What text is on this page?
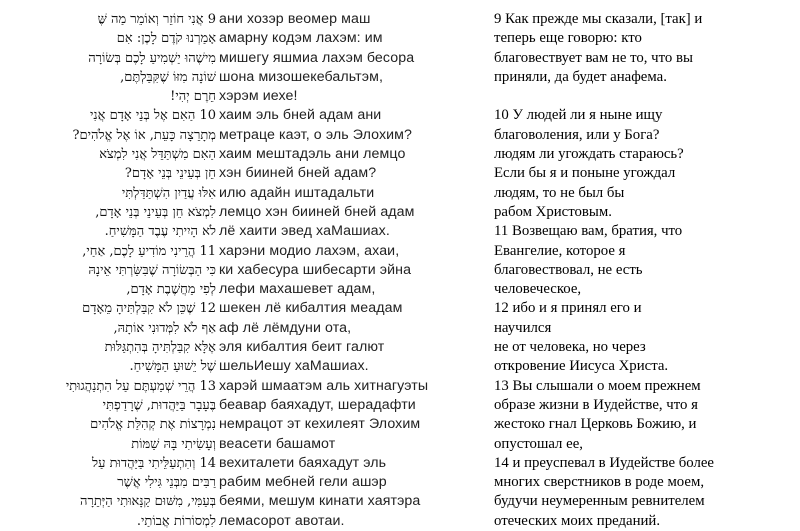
9 אֲנִי חוֹזֵר וְאוֹמֵר מַה שֶּׁ
אָמַרְנוּ קֹדֶם לָכֶן: אִם
מִישֶׁהוּ יַשְׁמִיעַ לָכֶם בְּשׂוֹרָה
שׁוֹנָה מִזּוֹ שֶׁקִּבַּלְתֶּם,
חֵרֶם יְהִי!
10 הַאִם אֶל בְּנֵי אָדָם אֲנִי
מְתָרֵצָה כָּעֵת, אוֹ אֶל אֱלֹהִים?
הַאִם מִשְׁתַּדֵּל אֲנִי לִמְצֹא
חֵן בְּעֵינֵי בְּנֵי אָדָם?
אִלּוּ עֲדַיִן הִשְׁתַּדַּלְתִּי
לִמְצֹא חֵן בְּעֵינֵי בְּנֵי אָדָם,
לֹא הָיִיתִי עֶבֶד הַמָּשִׁיחַ.
11 הֲרֵינִי מוֹדִיעַ לָכֶם, אַחַי,
כִּי הַבְּשׂוֹרָה שֶׁבִּשַּׂרְתִּי אֵינָהּ
לְפִי מַחֲשֶׁבֶת אָדָם,
12 שֶׁכֵּן לֹא קִבַּלְתִּיהָ מֵאָדָם
אַף לֹא לִמְּדוּנִי אוֹתָהּ,
אֶלָּא קִבַּלְתִּיהָ בְּהִתְגַּלּוּת
שֶׁל יֵשׁוּעַ הַמָּשִׁיחַ.
13 הֲרֵי שְׁמַעְתֶּם עַל הִתְנַהֲגוּתִי
בֶּעָבָר בַּיַּהֲדוּת, שֶׁרָדַפְתִּי
נִמְרָצוֹת אֶת קְהִלַּת אֱלֹהִים
וְעָשִׂיתִי בָּהּ שַׁמּוֹת
14 וְהִתְעַלֵּיתִי בַּיַּהֲדוּת עַל
רַבִּים מִבְּנֵי גִּילִי אֲשֶׁר
בְּעַמִּי, מִשּׁוּם קַנָּאוּתִי הַיְּתֵרָה
לִמְסוֹרוֹת אֲבוֹתַי.
ани хозэр веомер маш
амарну кодэм лахэм: им
мишегу яшмиа лахэм бесора
шона мизошекебальтэм,
хэрэм иехе!
хаим эль бней адам ани
метраце каэт, о эль Элохим?
хаим мештадэль ани лемцо
хэн бииней бней адам?
илю адайн иштадальти
лемцо хэн бииней бней адам
лё хаити эвед хаМашиах.
харэни модио лахэм, ахаи,
ки хабесура шибесарти эйна
лефи махашевет адам,
шекен лё кибалтия меадам
аф лё лёмдуни ота,
эля кибалтия беит галют
шельИешу хаМашиах.
харэй шмаатэм аль хитнагуэты
беавар баяхадут, шерадафти
немрацот эт кехилеят Элохим
веасети башамот
вехиталети баяхадут эль
рабим мебней гели ашэр
беями, мешум кинати хаятэра
лемасорот авотаи.
9 Как прежде мы сказали, [так] и
теперь еще говорю: кто
благовествует вам не то, что вы
приняли, да будет анафема.
10 У людей ли я ныне ищу
благоволения, или у Бога?
людям ли угождать стараюсь?
Если бы я и поныне угождал
людям, то не был бы
рабом Христовым.
11 Возвещаю вам, братия, что
Евангелие, которое я
благовествовал, не есть
человеческое,
12 ибо и я принял его и
научился
не от человека, но через
откровение Иисуса Христа.
13 Вы слышали о моем прежнем
образе жизни в Иудействе, что я
жестоко гнал Церковь Божию, и
опустошал ее,
14 и преуспевал в Иудействе более
многих сверстников в роде моем,
будучи неумеренным ревнителем
отеческих моих преданий.
